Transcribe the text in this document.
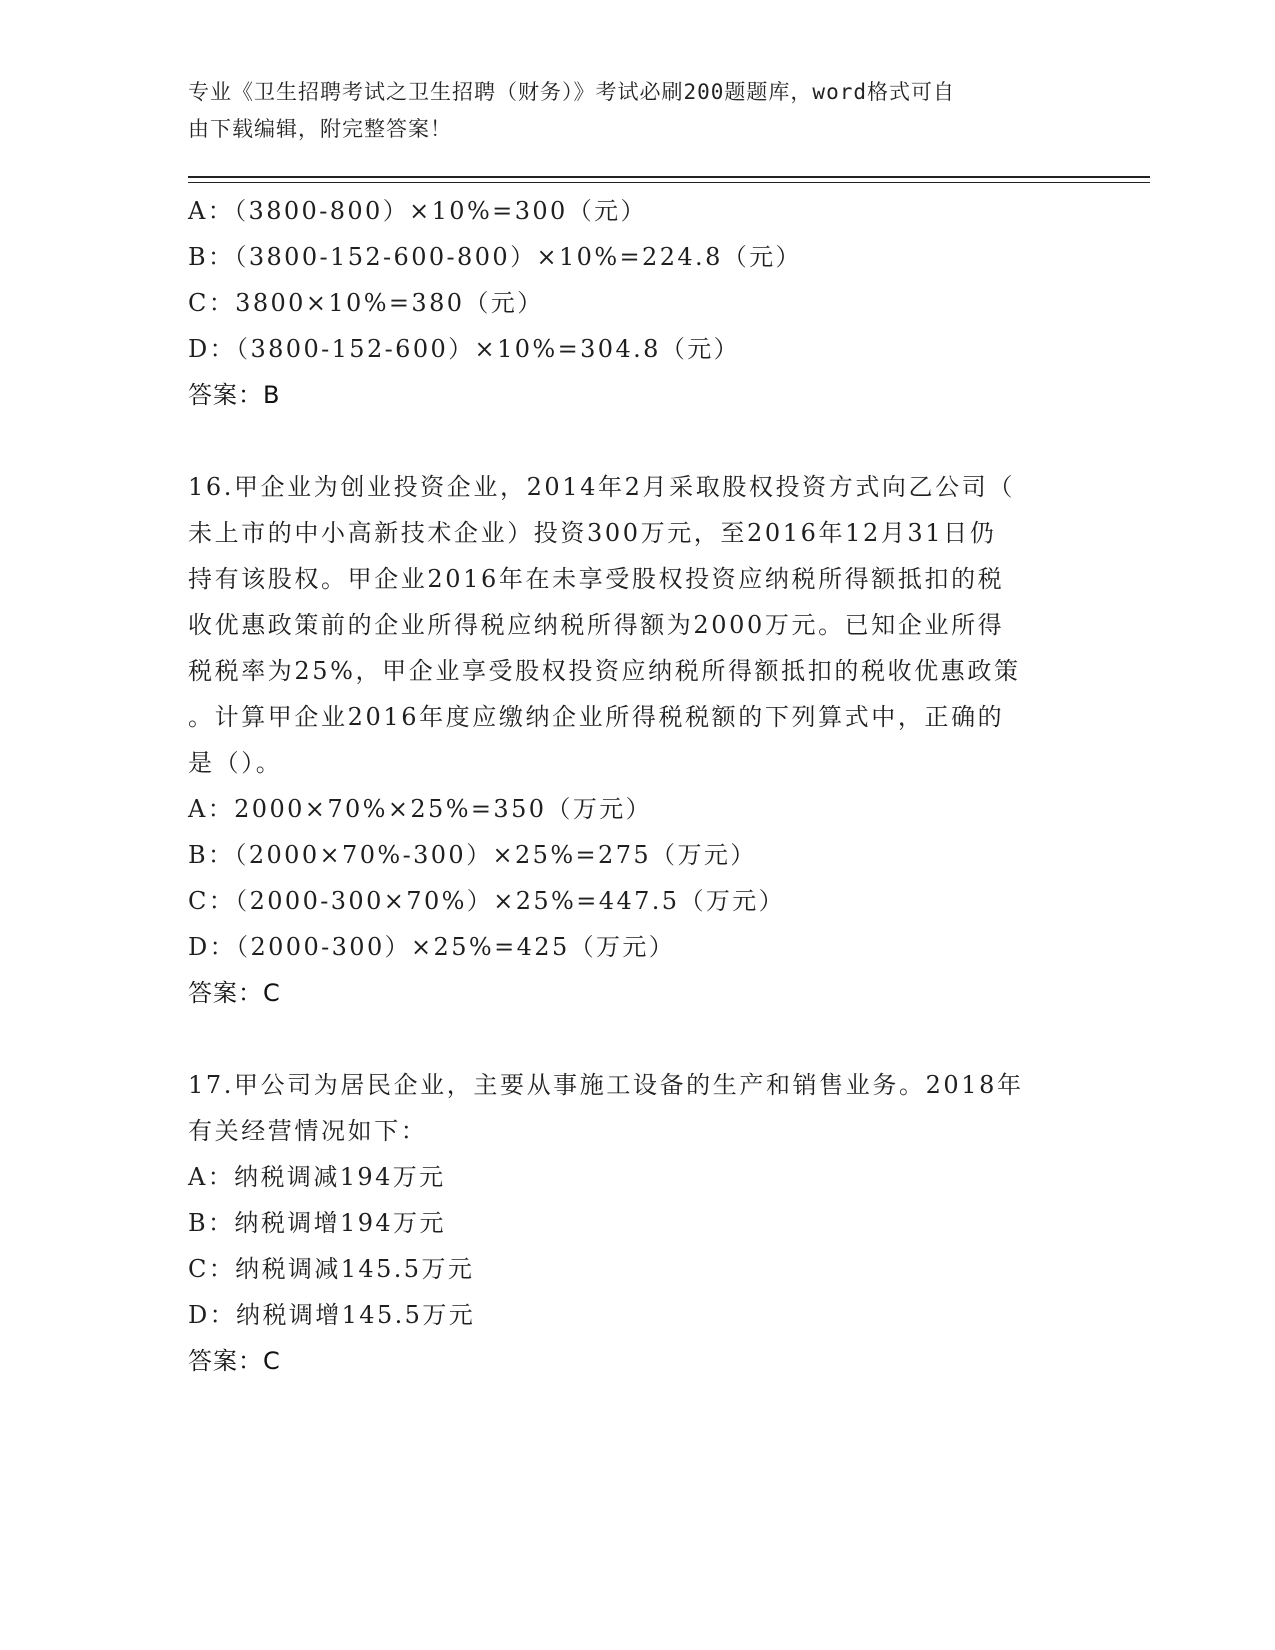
专业《卫生招聘考试之卫生招聘（财务）》考试必刷200题题库，word格式可自
由下载编辑，附完整答案！
A：（3800-800）×10%=300（元）
B：（3800-152-600-800）×10%=224.8（元）
C：3800×10%=380（元）
D：（3800-152-600）×10%=304.8（元）
答案：B
16.甲企业为创业投资企业，2014年2月采取股权投资方式向乙公司（
未上市的中小高新技术企业）投资300万元，至2016年12月31日仍
持有该股权。甲企业2016年在未享受股权投资应纳税所得额抵扣的税
收优惠政策前的企业所得税应纳税所得额为2000万元。已知企业所得
税税率为25%，甲企业享受股权投资应纳税所得额抵扣的税收优惠政策
。计算甲企业2016年度应缴纳企业所得税税额的下列算式中，正确的
是（）。
A：2000×70%×25%=350（万元）
B：（2000×70%-300）×25%=275（万元）
C：（2000-300×70%）×25%=447.5（万元）
D：（2000-300）×25%=425（万元）
答案：C
17.甲公司为居民企业，主要从事施工设备的生产和销售业务。2018年
有关经营情况如下：
A：纳税调减194万元
B：纳税调增194万元
C：纳税调减145.5万元
D：纳税调增145.5万元
答案：C
